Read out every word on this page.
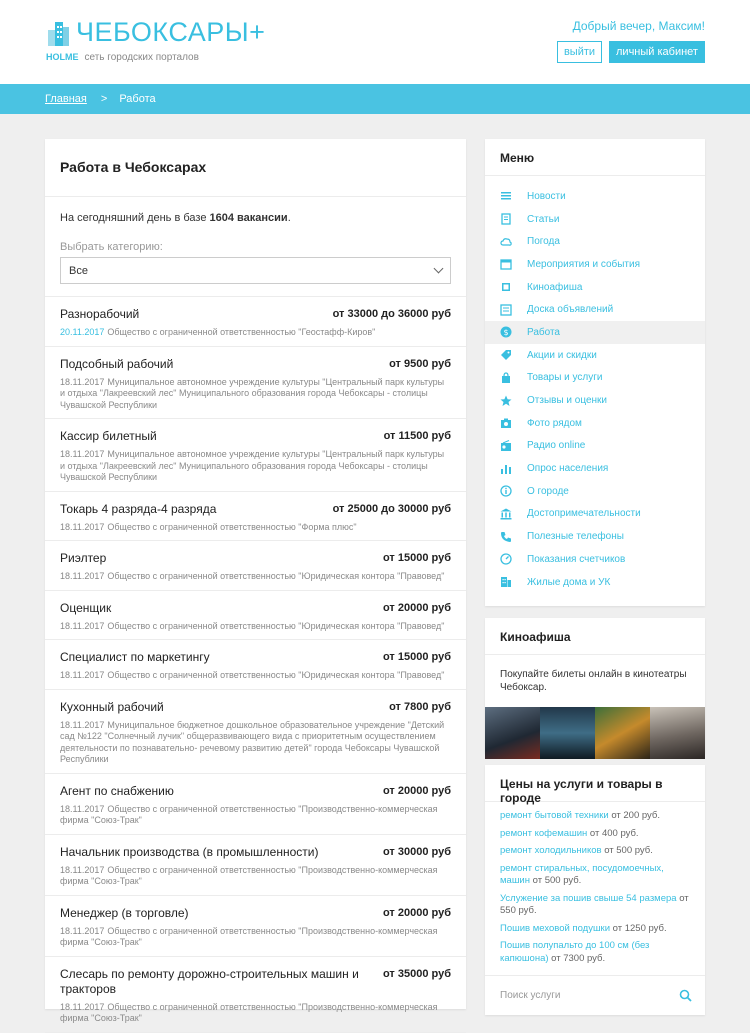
ЧЕБОКСАРЫ+
HOLME сеть городских порталов
Добрый вечер, Максим!
выйти	личный кабинет
Главная > Работа
Работа в Чебоксарах
На сегодняшний день в базе 1604 вакансии.
Выбрать категорию:
Все
Разнорабочий	от 33000 до 36000 руб
20.11.2017 Общество с ограниченной ответственностью "Геостафф-Киров"
Подсобный рабочий	от 9500 руб
18.11.2017 Муниципальное автономное учреждение культуры "Центральный парк культуры и отдыха "Лакреевский лес" Муниципального образования города Чебоксары - столицы Чувашской Республики
Кассир билетный	от 11500 руб
18.11.2017 Муниципальное автономное учреждение культуры "Центральный парк культуры и отдыха "Лакреевский лес" Муниципального образования города Чебоксары - столицы Чувашской Республики
Токарь 4 разряда-4 разряда	от 25000 до 30000 руб
18.11.2017 Общество с ограниченной ответственностью "Форма плюс"
Риэлтер	от 15000 руб
18.11.2017 Общество с ограниченной ответственностью "Юридическая контора "Правовед"
Оценщик	от 20000 руб
18.11.2017 Общество с ограниченной ответственностью "Юридическая контора "Правовед"
Специалист по маркетингу	от 15000 руб
18.11.2017 Общество с ограниченной ответственностью "Юридическая контора "Правовед"
Кухонный рабочий	от 7800 руб
18.11.2017 Муниципальное бюджетное дошкольное образовательное учреждение "Детский сад №122 "Солнечный лучик" общеразвивающего вида с приоритетным осуществлением деятельности по познавательно- речевому развитию детей" города Чебоксары Чувашской Республики
Агент по снабжению	от 20000 руб
18.11.2017 Общество с ограниченной ответственностью "Производственно-коммерческая фирма "Союз-Трак"
Начальник производства (в промышленности)	от 30000 руб
18.11.2017 Общество с ограниченной ответственностью "Производственно-коммерческая фирма "Союз-Трак"
Менеджер (в торговле)	от 20000 руб
18.11.2017 Общество с ограниченной ответственностью "Производственно-коммерческая фирма "Союз-Трак"
Слесарь по ремонту дорожно-строительных машин и тракторов
от 35000 руб
18.11.2017 Общество с ограниченной ответственностью "Производственно-коммерческая фирма "Союз-Трак"
Меню
Новости
Статьи
Погода
Мероприятия и события
Киноафиша
Доска объявлений
$ Работа
Акции и скидки
Товары и услуги
Отзывы и оценки
Фото рядом
Радио online
Опрос населения
О городе
Достопримечательности
Полезные телефоны
Показания счетчиков
Жилые дома и УК
Киноафиша
Покупайте билеты онлайн в кинотеатры Чебоксар.
Цены на услуги и товары в городе
ремонт бытовой техники от 200 руб.
ремонт кофемашин от 400 руб.
ремонт холодильников от 500 руб.
ремонт стиральных, посудомоечных, машин от 500 руб.
Услужение за пошив свыше 54 размера от 550 руб.
Пошив меховой подушки от 1250 руб.
Пошив полупальто до 100 см (без капюшона) от 7300 руб.
Поиск услуги
